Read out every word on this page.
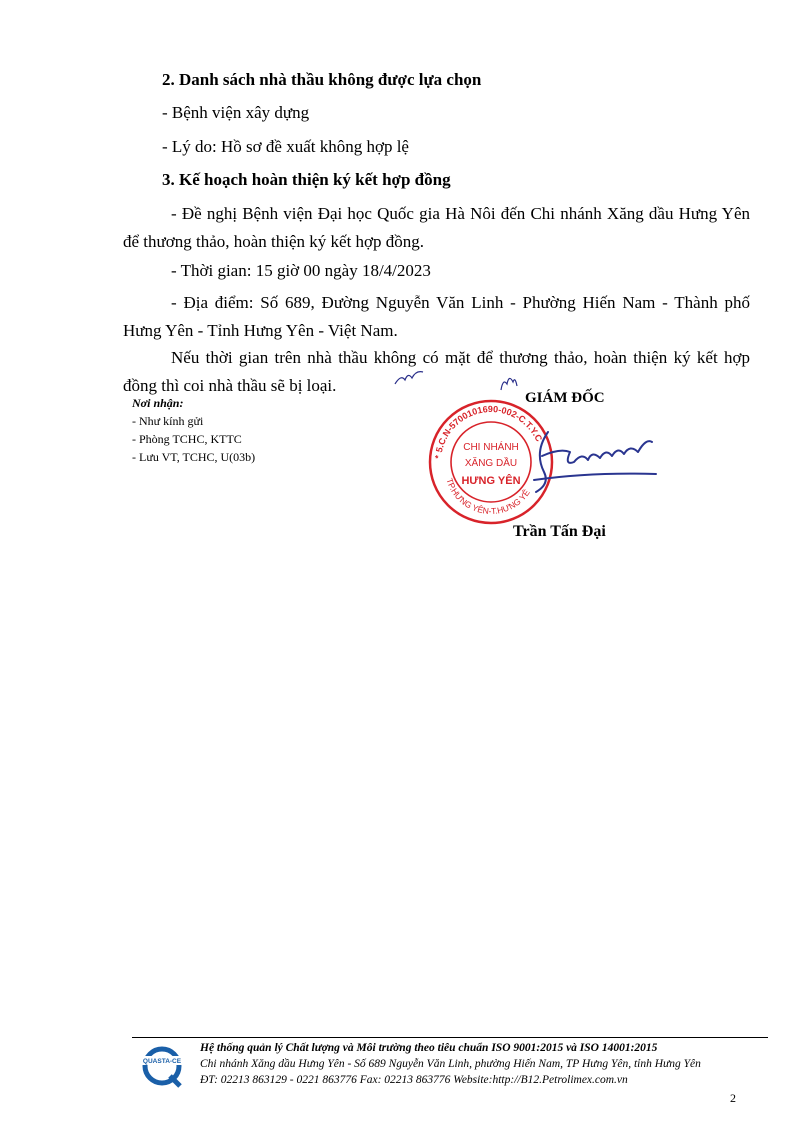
2. Danh sách nhà thầu không được lựa chọn

- Bệnh viện xây dựng

- Lý do: Hồ sơ đề xuất không hợp lệ

3. Kế hoạch hoàn thiện ký kết hợp đồng

- Đề nghị Bệnh viện Đại học Quốc gia Hà Nôi đến Chi nhánh Xăng dầu Hưng Yên để thương thảo, hoàn thiện ký kết hợp đồng.

- Thời gian: 15 giờ 00 ngày 18/4/2023

- Địa điểm: Số 689, Đường Nguyễn Văn Linh - Phường Hiến Nam - Thành phố Hưng Yên - Tỉnh Hưng Yên - Việt Nam.

Nếu thời gian trên nhà thầu không có mặt để thương thảo, hoàn thiện ký kết hợp đồng thì coi nhà thầu sẽ bị loại.

Nơi nhận:
- Như kính gửi
- Phòng TCHC, KTTC
- Lưu VT, TCHC, U(03b)
GIÁM ĐỐC
* 5.C.N-5700101690-002-C.T.Y.C
TP.HƯNG YÊN-T.HƯNG YÊ
CHI NHÁNH
XĂNG DẦU
HƯNG YÊN
Trần Tấn Đại
QUASTA-CE
Hệ thống quản lý Chất lượng và Môi trường theo tiêu chuẩn ISO 9001:2015 và ISO 14001:2015
Chi nhánh Xăng dầu Hưng Yên - Số 689 Nguyễn Văn Linh, phường Hiến Nam, TP Hưng Yên, tỉnh Hưng Yên
ĐT: 02213 863129 - 0221 863776 Fax: 02213 863776 Website:http://B12.Petrolimex.com.vn
2
